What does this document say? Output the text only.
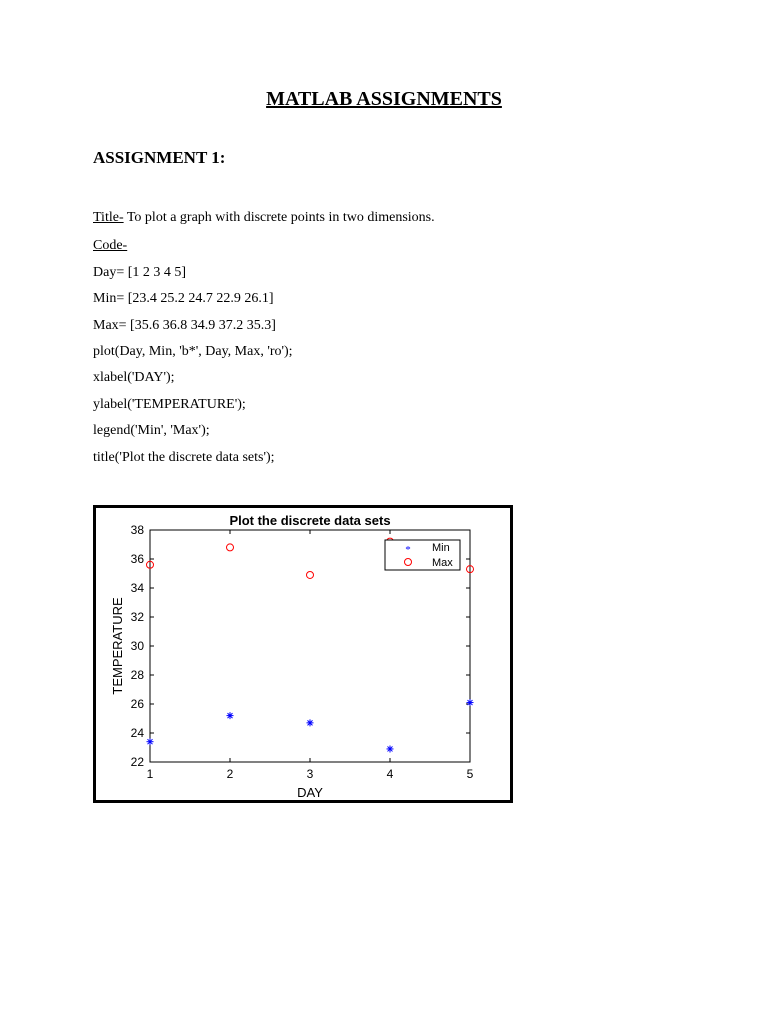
MATLAB ASSIGNMENTS
ASSIGNMENT 1:
Title- To plot a graph with discrete points in two dimensions.
Code-
Day= [1 2 3 4 5]
Min= [23.4 25.2 24.7 22.9 26.1]
Max= [35.6 36.8 34.9 37.2 35.3]
plot(Day, Min, 'b*', Day, Max, 'ro');
xlabel('DAY');
ylabel('TEMPERATURE');
legend('Min', 'Max');
title('Plot the discrete data sets');
Plot the discrete data sets
DAY
TEMPERATURE
22
24
26
28
30
32
34
36
38
1	2	3	4	5
* Min
Max
